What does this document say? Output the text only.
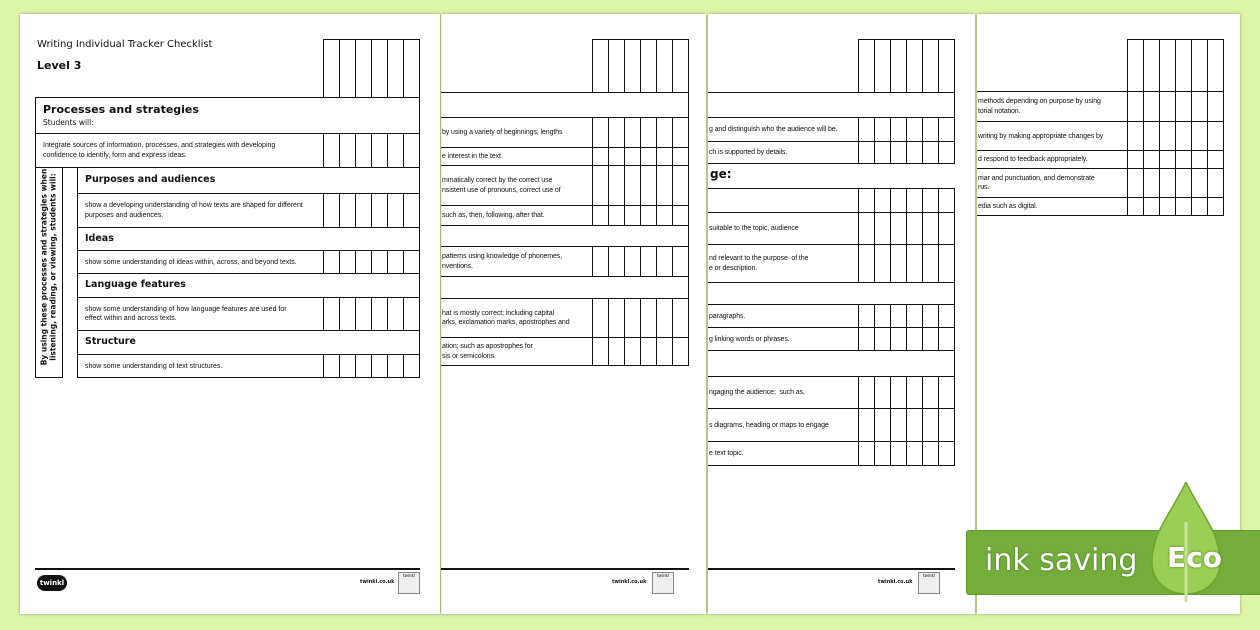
by using a variety of beginnings, lengths
e interest in the text.
mmatically correct by the correct use
nsistent use of pronouns, correct use of
such as, then, following, after that.
patterns using knowledge of phonemes,
nventions.
hat is mostly correct; including capital
arks, exclamation marks, apostrophes and
ation; such as apostrophes for
sis or semicolons.
twinkl.co.uk
twinkl
g and distinguish who the audience will be.
ch is supported by details.
ge:
suitable to the topic, audience
nd relevant to the purpose  of the
e or description.
paragraphs.
g linking words or phrases.
ngaging the audience;  such as,
s diagrams, heading or maps to engage
e text topic.
twinkl.co.uk
twinkl
methods depending on purpose by using
torial notation.
writing by making appropriate changes by
d respond to feedback appropriately.
mar and punctuation, and demonstrate
rus.
edia such as digital.
Writing Individual Tracker Checklist
Level 3
Processes and strategies
Students will:
By using these processes and strategies when listening, reading, or viewing, students will:
Integrate sources of information, processes, and strategies with developing
confidence to identify, form and express ideas.
Purposes and audiences
show a developing understanding of how texts are shaped for different
purposes and audiences.
Ideas
show some understanding of ideas within, across, and beyond texts.
Language features
show some understanding of how language features are used for
effect within and across texts.
Structure
show some understanding of text structures.
twinkl	twinkl.co.uk
twinkl	ink saving Eco
